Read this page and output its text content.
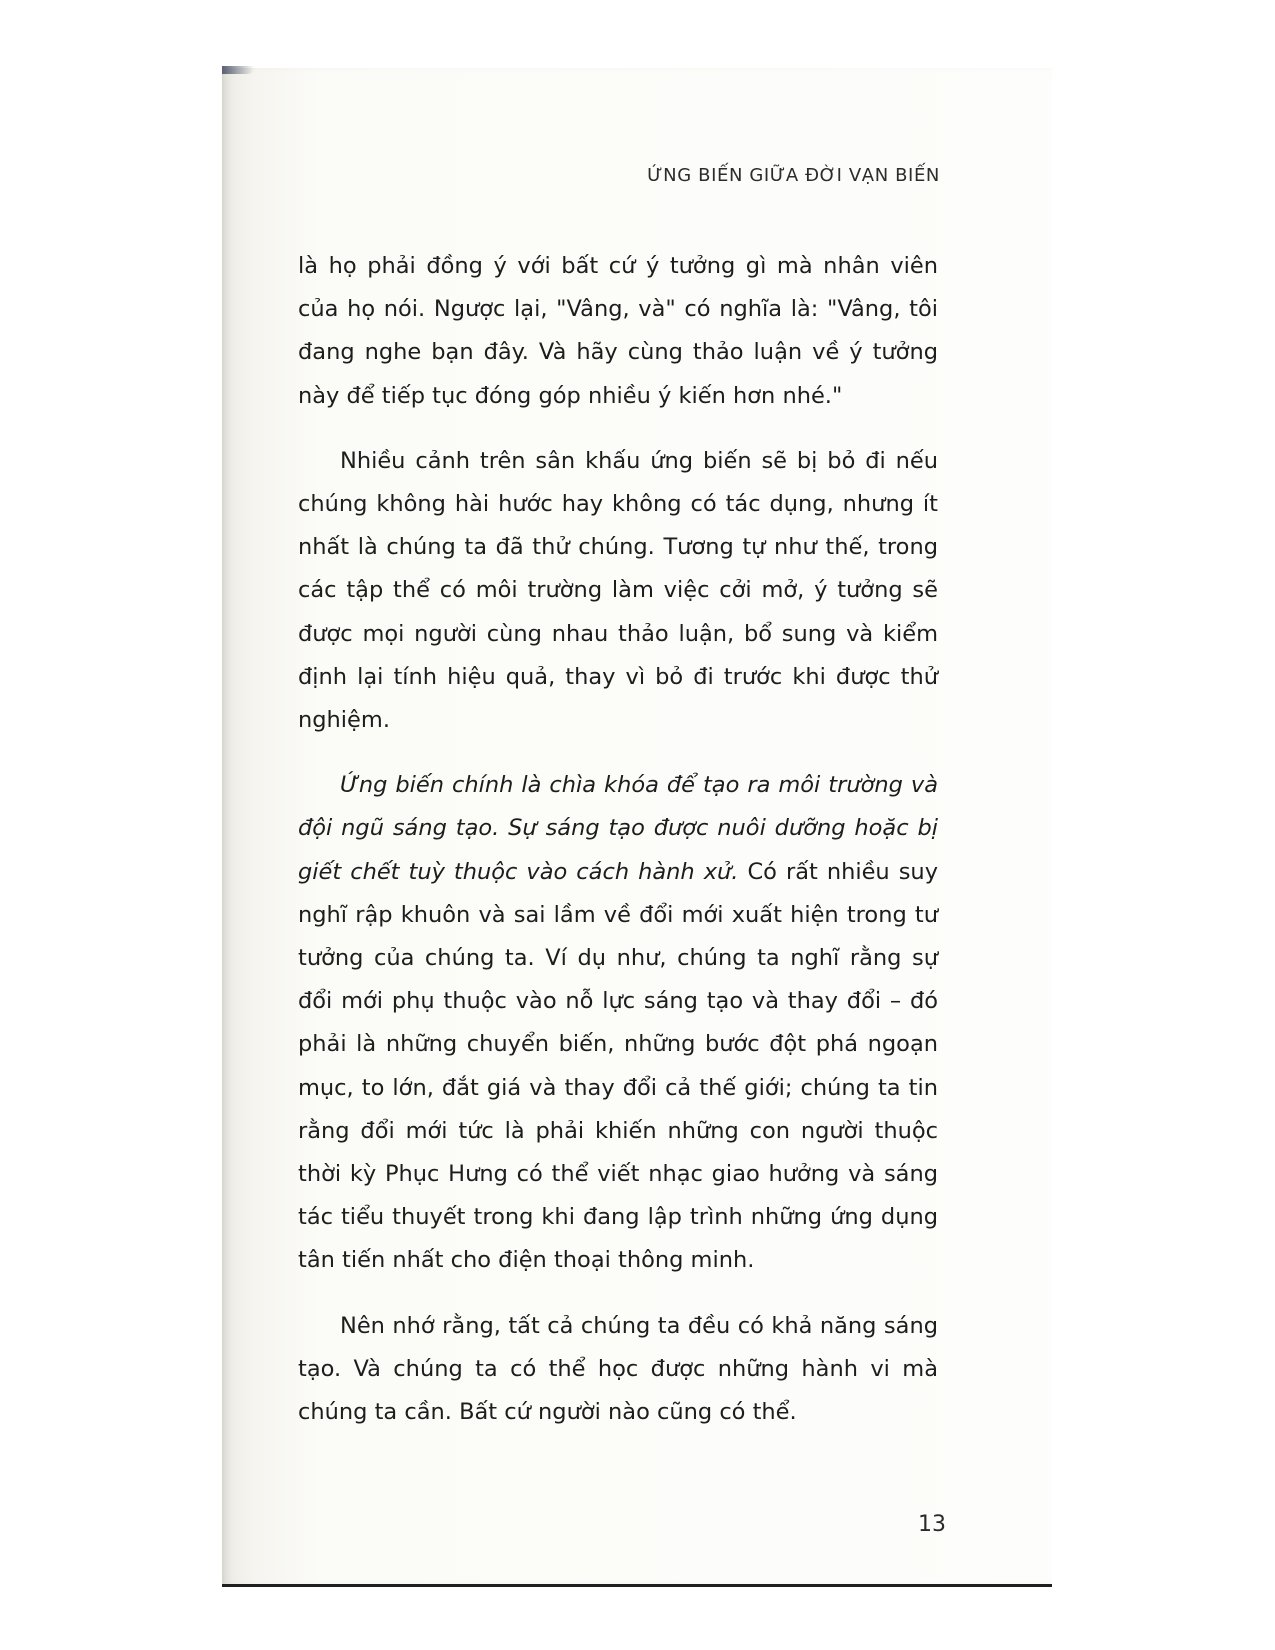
ỨNG BIẾN GIỮA ĐỜI VẠN BIẾN

là họ phải đồng ý với bất cứ ý tưởng gì mà nhân viên của họ nói. Ngược lại, "Vâng, và" có nghĩa là: "Vâng, tôi đang nghe bạn đây. Và hãy cùng thảo luận về ý tưởng này để tiếp tục đóng góp nhiều ý kiến hơn nhé."

Nhiều cảnh trên sân khấu ứng biến sẽ bị bỏ đi nếu chúng không hài hước hay không có tác dụng, nhưng ít nhất là chúng ta đã thử chúng. Tương tự như thế, trong các tập thể có môi trường làm việc cởi mở, ý tưởng sẽ được mọi người cùng nhau thảo luận, bổ sung và kiểm định lại tính hiệu quả, thay vì bỏ đi trước khi được thử nghiệm.

Ứng biến chính là chìa khóa để tạo ra môi trường và đội ngũ sáng tạo. Sự sáng tạo được nuôi dưỡng hoặc bị giết chết tuỳ thuộc vào cách hành xử. Có rất nhiều suy nghĩ rập khuôn và sai lầm về đổi mới xuất hiện trong tư tưởng của chúng ta. Ví dụ như, chúng ta nghĩ rằng sự đổi mới phụ thuộc vào nỗ lực sáng tạo và thay đổi – đó phải là những chuyển biến, những bước đột phá ngoạn mục, to lớn, đắt giá và thay đổi cả thế giới; chúng ta tin rằng đổi mới tức là phải khiến những con người thuộc thời kỳ Phục Hưng có thể viết nhạc giao hưởng và sáng tác tiểu thuyết trong khi đang lập trình những ứng dụng tân tiến nhất cho điện thoại thông minh.

Nên nhớ rằng, tất cả chúng ta đều có khả năng sáng tạo. Và chúng ta có thể học được những hành vi mà chúng ta cần. Bất cứ người nào cũng có thể.

13
